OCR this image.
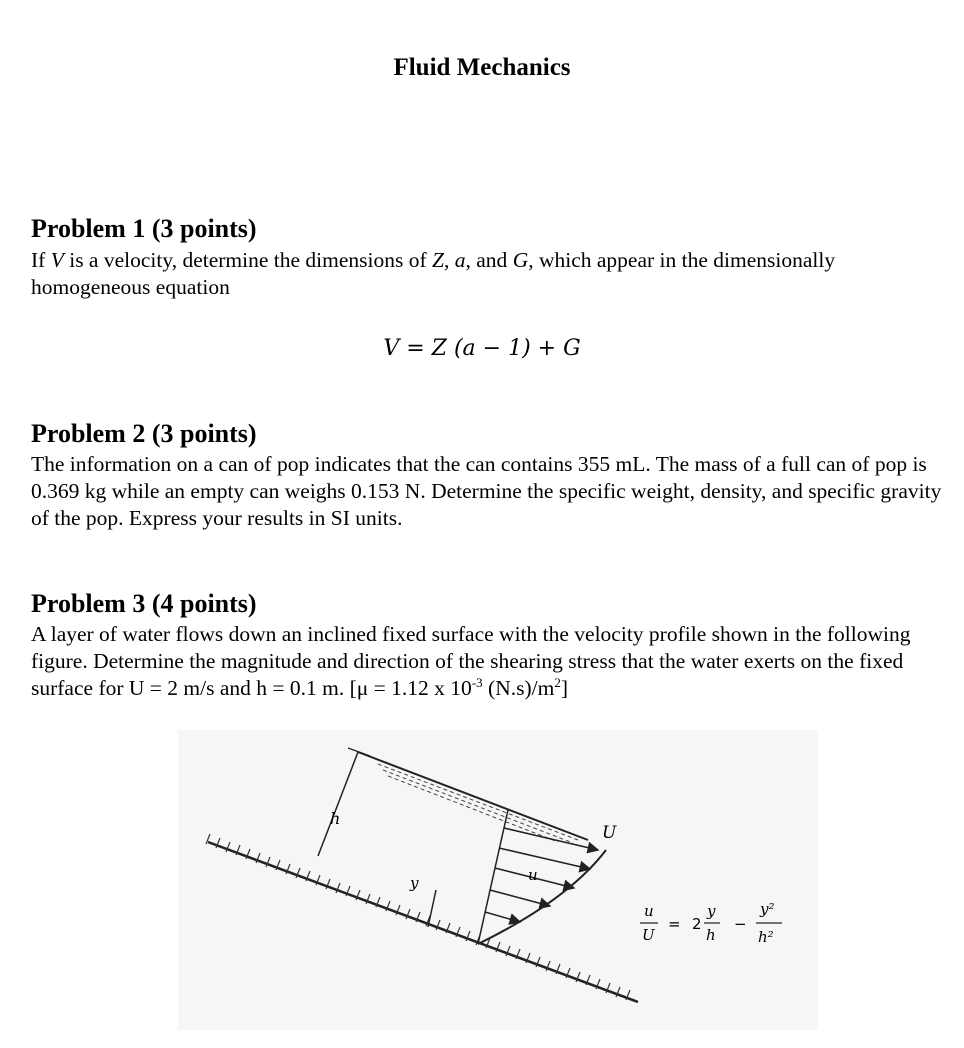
Fluid Mechanics
Problem 1 (3 points)
If V is a velocity, determine the dimensions of Z, a, and G, which appear in the dimensionally homogeneous equation
V = Z (a − 1) + G
Problem 2 (3 points)
The information on a can of pop indicates that the can contains 355 mL. The mass of a full can of pop is 0.369 kg while an empty can weighs 0.153 N. Determine the specific weight, density, and specific gravity of the pop. Express your results in SI units.
Problem 3 (4 points)
A layer of water flows down an inclined fixed surface with the velocity profile shown in the following figure. Determine the magnitude and direction of the shearing stress that the water exerts on the fixed surface for U = 2 m/s and h = 0.1 m. [μ = 1.12 x $10^{-3}$ $(N.s)/m^2$]
h
y	u
U
u
U
= 2
y
h
−
y²
h²
